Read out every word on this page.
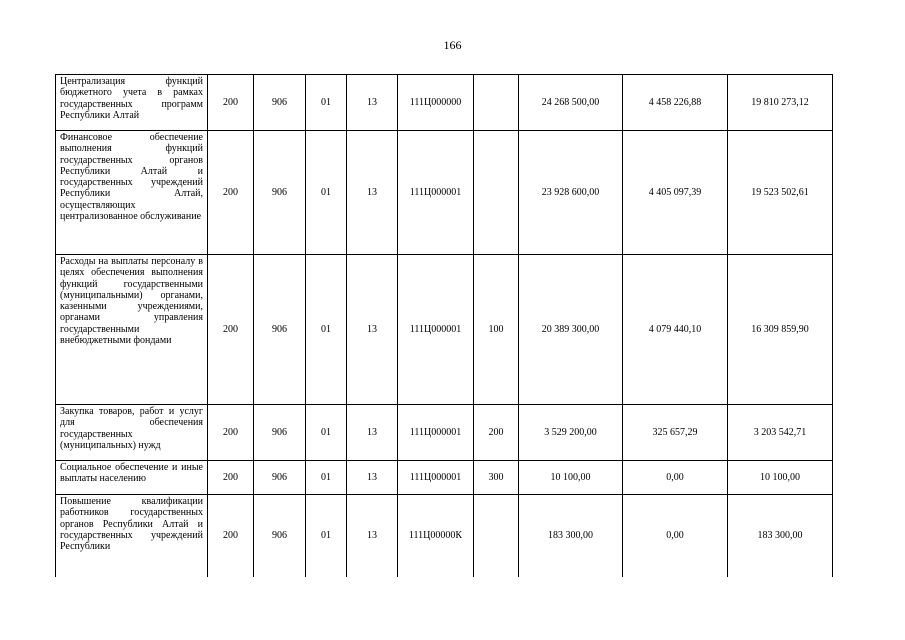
166
Централизация функций бюджетного учета в рамках государственных программ Республики Алтай	200	906	01	13	111Ц000000		24 268 500,00	4 458 226,88	19 810 273,12
Финансовое обеспечение выполнения функций государственных органов Республики Алтай и государственных учреждений Республики Алтай, осуществляющих централизованное обслуживание	200	906	01	13	111Ц000001		23 928 600,00	4 405 097,39	19 523 502,61
Расходы на выплаты персоналу в целях обеспечения выполнения функций государственными (муниципальными) органами, казенными учреждениями, органами управления государственными внебюджетными фондами	200	906	01	13	111Ц000001	100	20 389 300,00	4 079 440,10	16 309 859,90
Закупка товаров, работ и услуг для обеспечения государственных (муниципальных) нужд	200	906	01	13	111Ц000001	200	3 529 200,00	325 657,29	3 203 542,71
Социальное обеспечение и иные выплаты населению	200	906	01	13	111Ц000001	300	10 100,00	0,00	10 100,00
Повышение квалификации работников государственных органов Республики Алтай и государственных учреждений Республики	200	906	01	13	111Ц00000К		183 300,00	0,00	183 300,00
